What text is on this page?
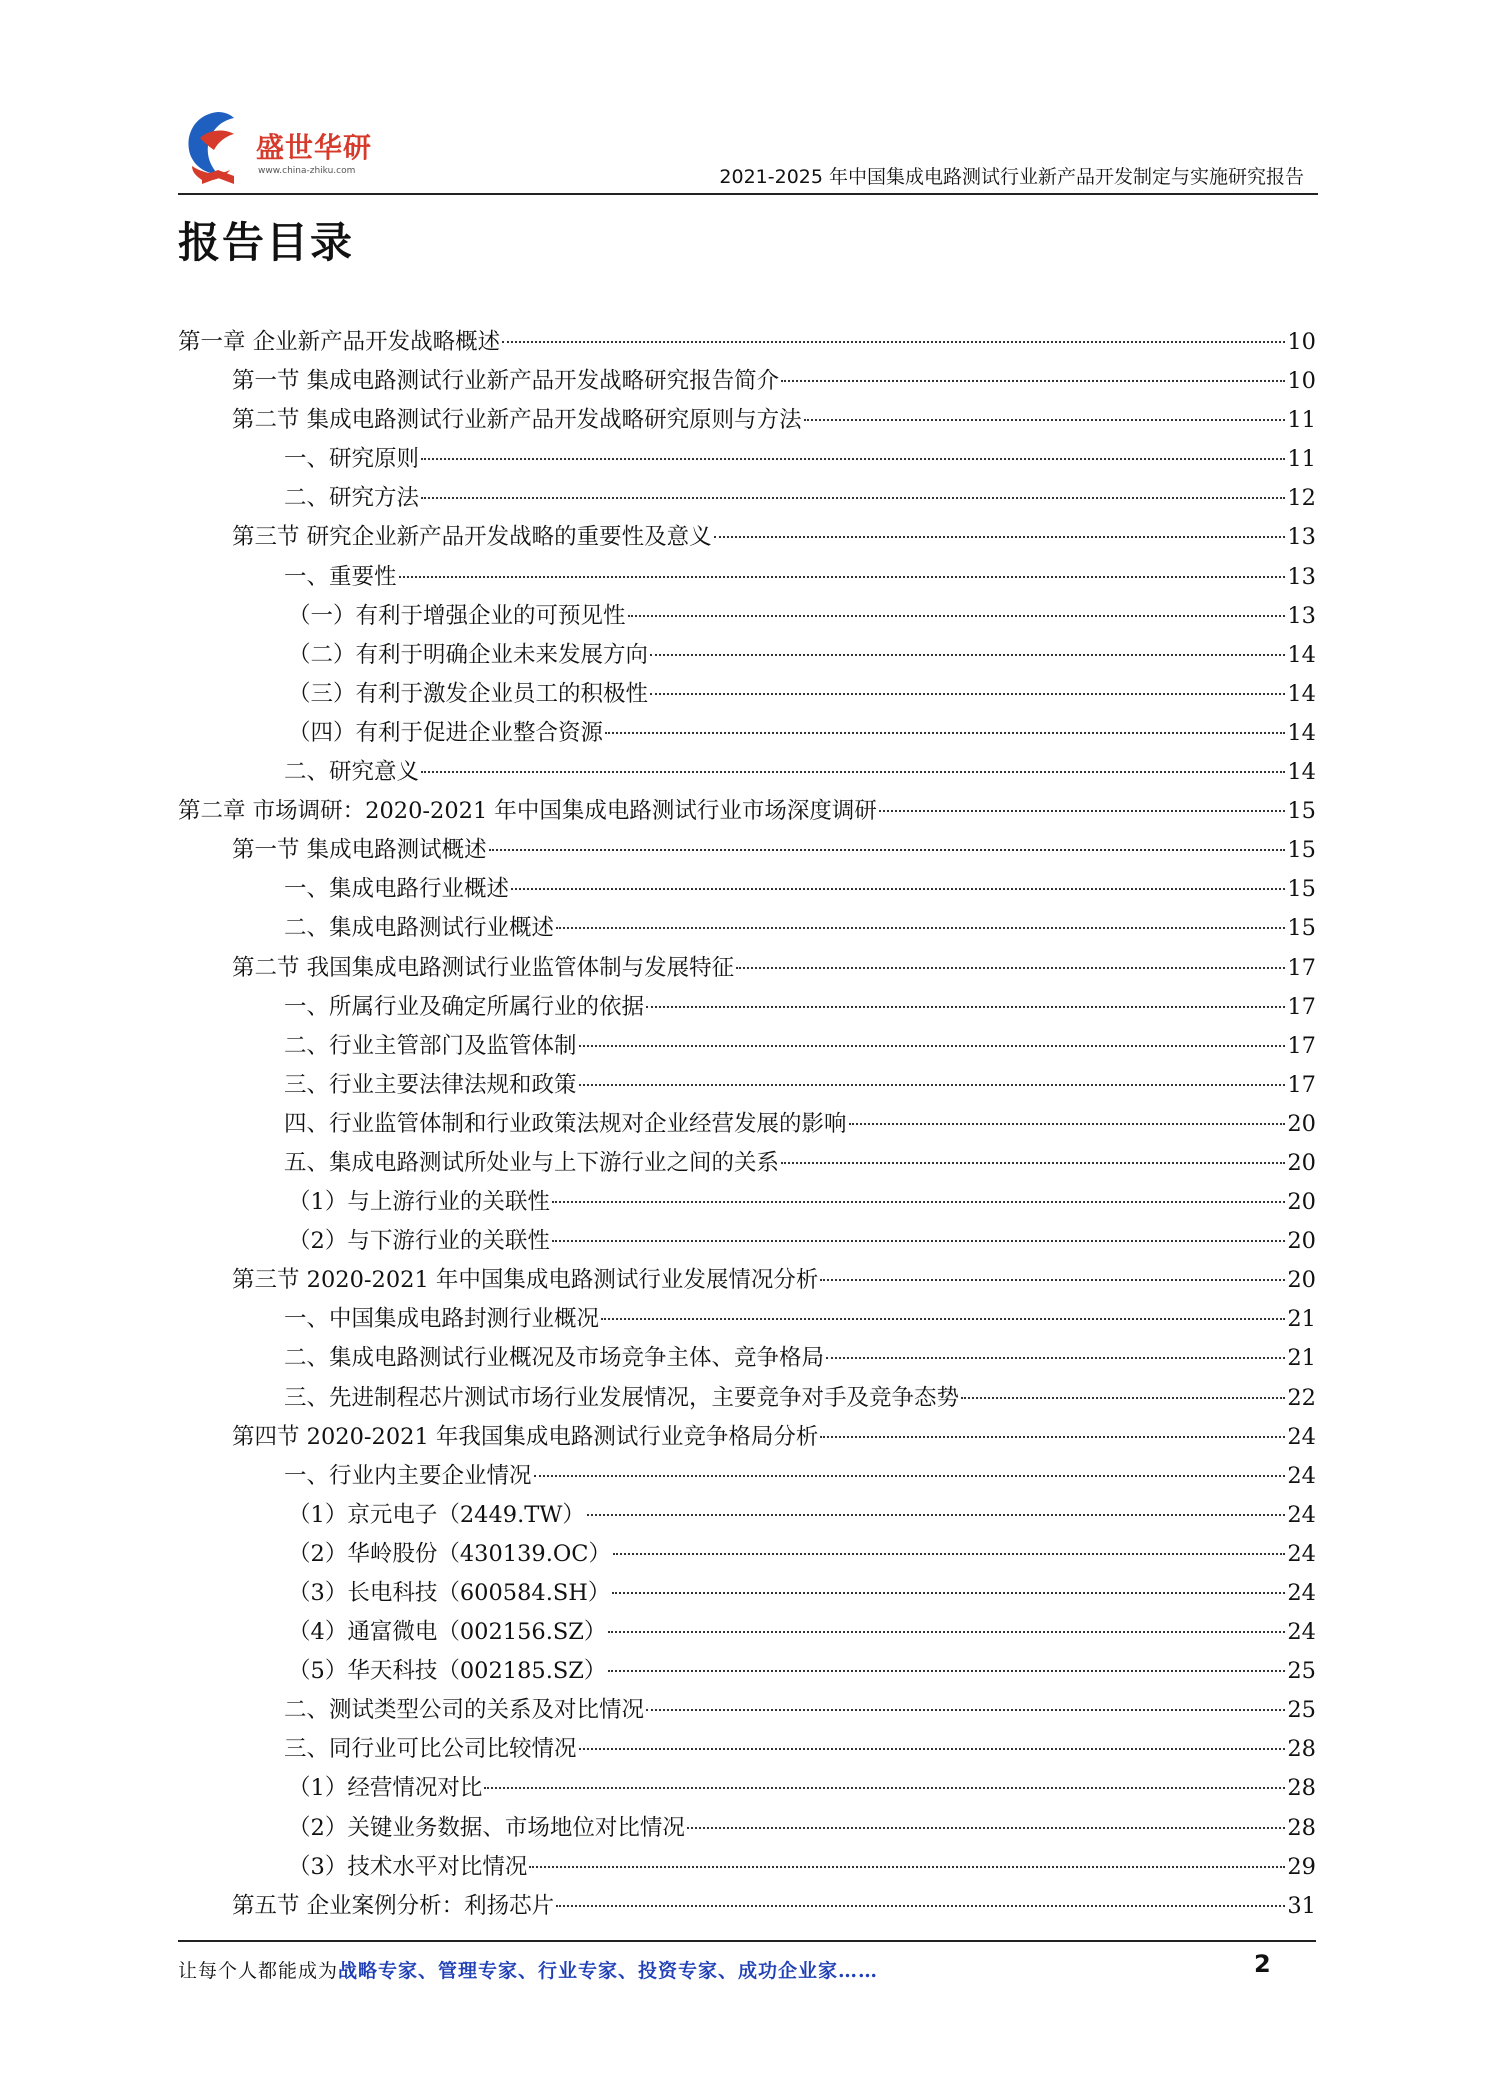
盛世华研
www.china-zhiku.com	2021-2025 年中国集成电路测试行业新产品开发制定与实施研究报告
报告目录
第一章 企业新产品开发战略概述	10
第一节 集成电路测试行业新产品开发战略研究报告简介	10
第二节 集成电路测试行业新产品开发战略研究原则与方法	11
一、研究原则	11
二、研究方法	12
第三节 研究企业新产品开发战略的重要性及意义	13
一、重要性	13
（一）有利于增强企业的可预见性	13
（二）有利于明确企业未来发展方向	14
（三）有利于激发企业员工的积极性	14
（四）有利于促进企业整合资源	14
二、研究意义	14
第二章 市场调研：2020-2021 年中国集成电路测试行业市场深度调研	15
第一节 集成电路测试概述	15
一、集成电路行业概述	15
二、集成电路测试行业概述	15
第二节 我国集成电路测试行业监管体制与发展特征	17
一、所属行业及确定所属行业的依据	17
二、行业主管部门及监管体制	17
三、行业主要法律法规和政策	17
四、行业监管体制和行业政策法规对企业经营发展的影响	20
五、集成电路测试所处业与上下游行业之间的关系	20
（1）与上游行业的关联性	20
（2）与下游行业的关联性	20
第三节 2020-2021 年中国集成电路测试行业发展情况分析	20
一、中国集成电路封测行业概况	21
二、集成电路测试行业概况及市场竞争主体、竞争格局	21
三、先进制程芯片测试市场行业发展情况，主要竞争对手及竞争态势	22
第四节 2020-2021 年我国集成电路测试行业竞争格局分析	24
一、行业内主要企业情况	24
（1）京元电子（2449.TW）	24
（2）华岭股份（430139.OC）	24
（3）长电科技（600584.SH）	24
（4）通富微电（002156.SZ）	24
（5）华天科技（002185.SZ）	25
二、测试类型公司的关系及对比情况	25
三、同行业可比公司比较情况	28
（1）经营情况对比	28
（2）关键业务数据、市场地位对比情况	28
（3）技术水平对比情况	29
第五节 企业案例分析：利扬芯片	31
让每个人都能成为战略专家、管理专家、行业专家、投资专家、成功企业家……	2
